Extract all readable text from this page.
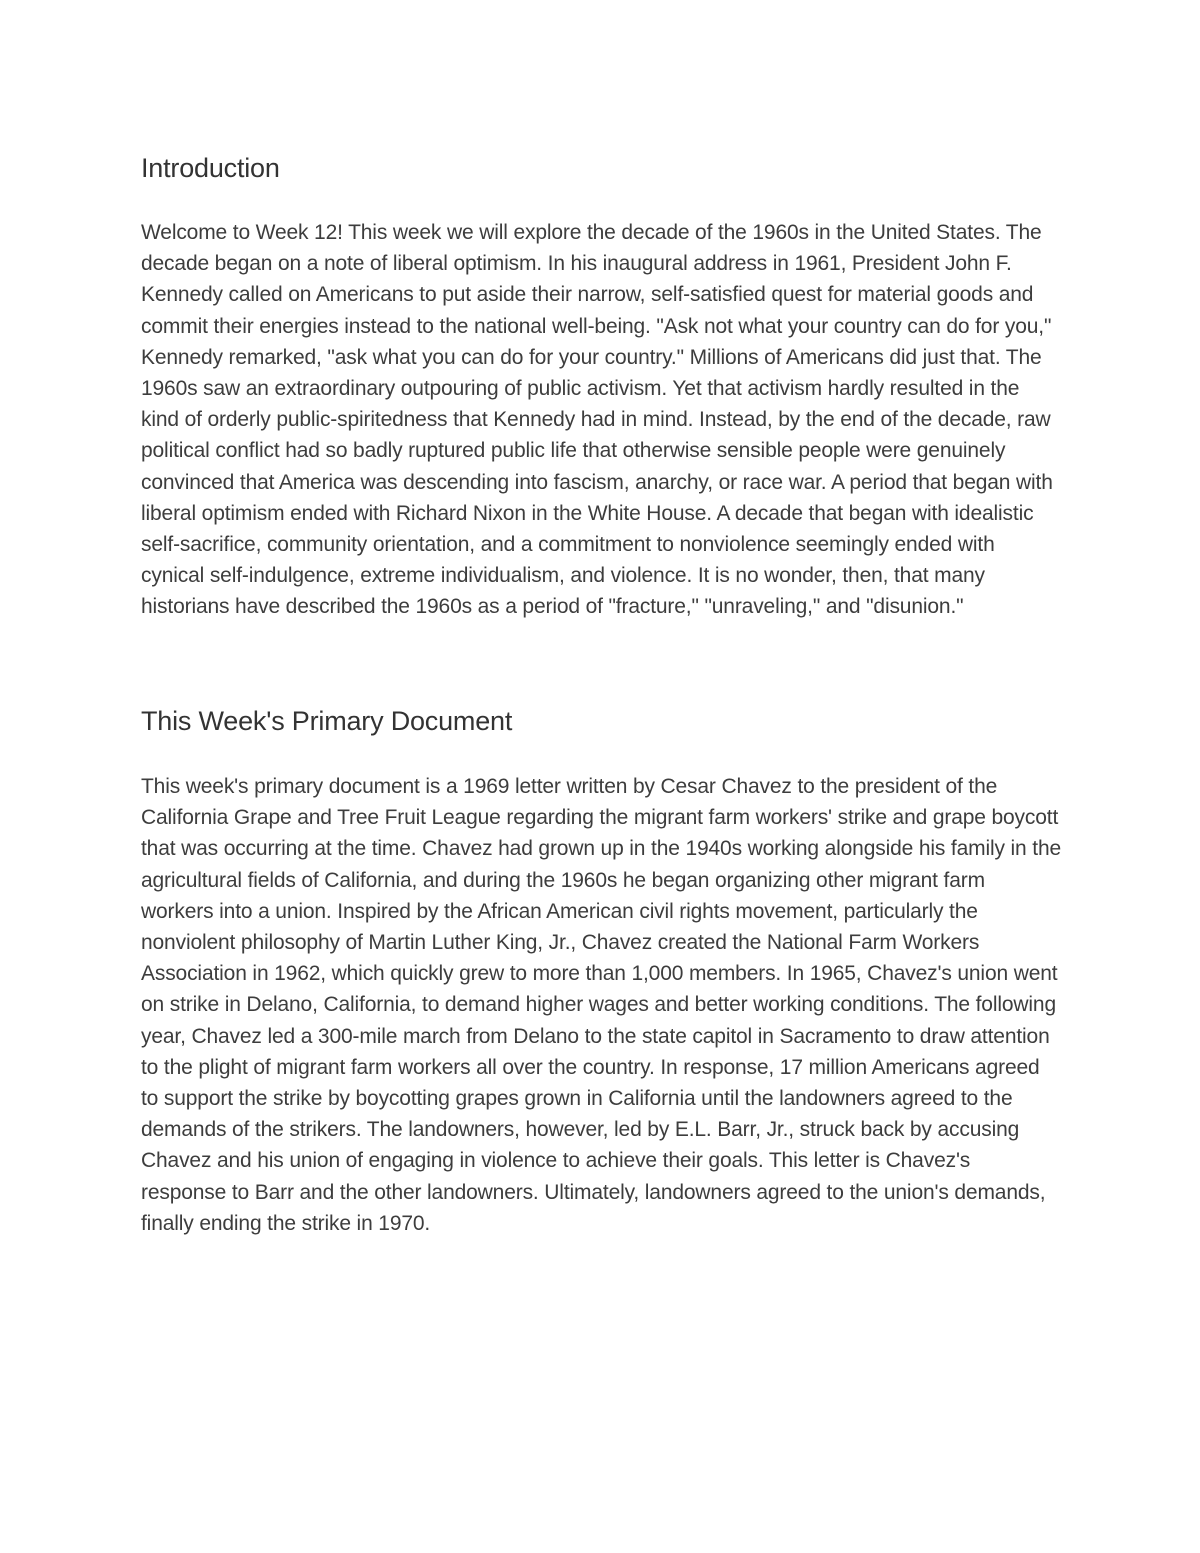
Introduction

Welcome to Week 12! This week we will explore the decade of the 1960s in the United States. The decade began on a note of liberal optimism. In his inaugural address in 1961, President John F. Kennedy called on Americans to put aside their narrow, self-satisfied quest for material goods and commit their energies instead to the national well-being. "Ask not what your country can do for you," Kennedy remarked, "ask what you can do for your country." Millions of Americans did just that. The 1960s saw an extraordinary outpouring of public activism. Yet that activism hardly resulted in the kind of orderly public-spiritedness that Kennedy had in mind. Instead, by the end of the decade, raw political conflict had so badly ruptured public life that otherwise sensible people were genuinely convinced that America was descending into fascism, anarchy, or race war. A period that began with liberal optimism ended with Richard Nixon in the White House. A decade that began with idealistic self-sacrifice, community orientation, and a commitment to nonviolence seemingly ended with cynical self-indulgence, extreme individualism, and violence. It is no wonder, then, that many historians have described the 1960s as a period of "fracture," "unraveling," and "disunion."

This Week's Primary Document

This week's primary document is a 1969 letter written by Cesar Chavez to the president of the California Grape and Tree Fruit League regarding the migrant farm workers' strike and grape boycott that was occurring at the time. Chavez had grown up in the 1940s working alongside his family in the agricultural fields of California, and during the 1960s he began organizing other migrant farm workers into a union. Inspired by the African American civil rights movement, particularly the nonviolent philosophy of Martin Luther King, Jr., Chavez created the National Farm Workers Association in 1962, which quickly grew to more than 1,000 members. In 1965, Chavez's union went on strike in Delano, California, to demand higher wages and better working conditions. The following year, Chavez led a 300-mile march from Delano to the state capitol in Sacramento to draw attention to the plight of migrant farm workers all over the country. In response, 17 million Americans agreed to support the strike by boycotting grapes grown in California until the landowners agreed to the demands of the strikers. The landowners, however, led by E.L. Barr, Jr., struck back by accusing Chavez and his union of engaging in violence to achieve their goals. This letter is Chavez's response to Barr and the other landowners. Ultimately, landowners agreed to the union's demands, finally ending the strike in 1970.
